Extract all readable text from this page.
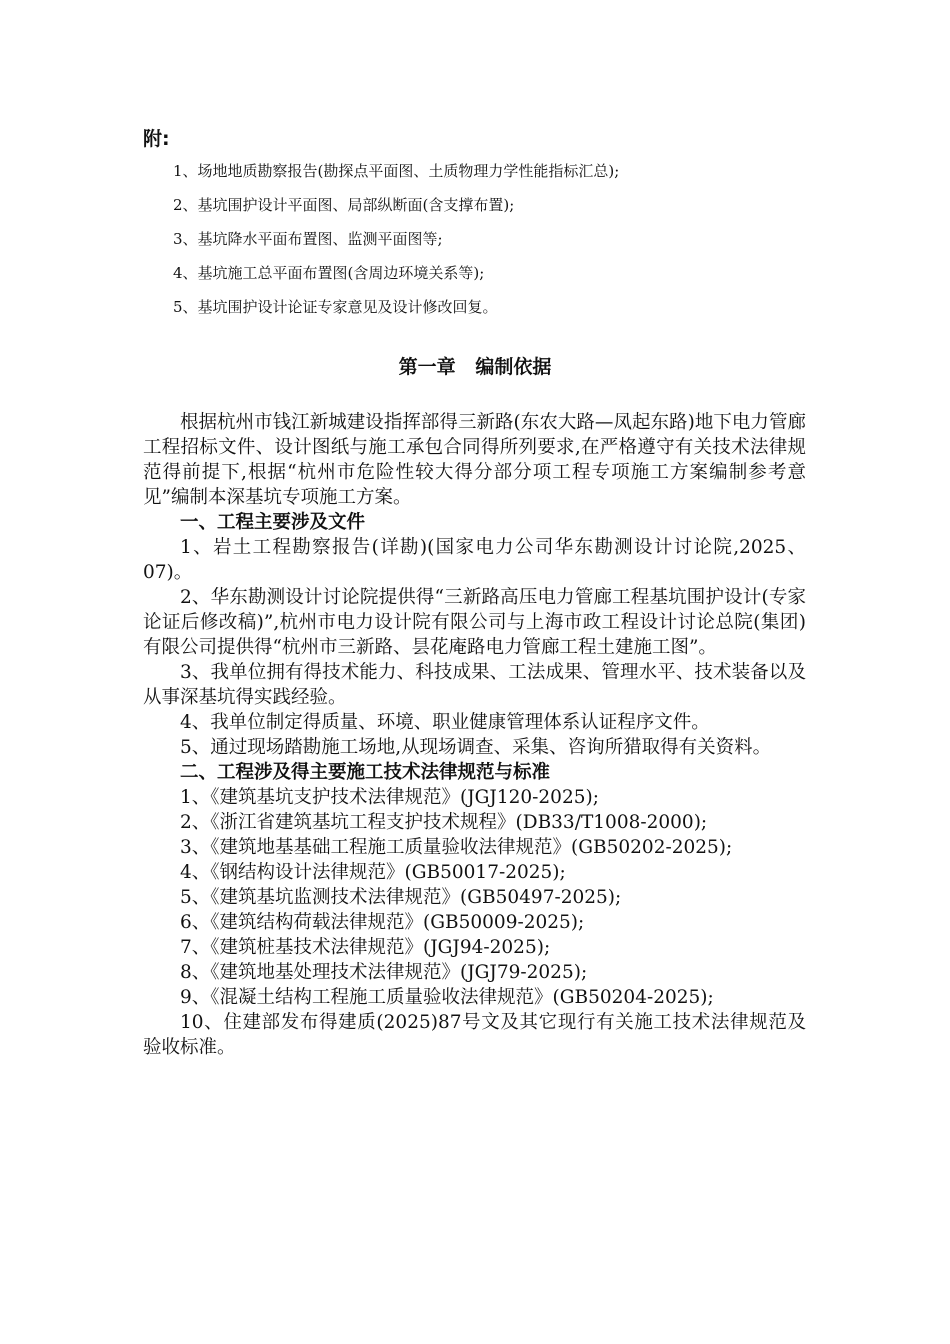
附:
1、场地地质勘察报告(勘探点平面图、土质物理力学性能指标汇总);
2、基坑围护设计平面图、局部纵断面(含支撑布置);
3、基坑降水平面布置图、监测平面图等;
4、基坑施工总平面布置图(含周边环境关系等);
5、基坑围护设计论证专家意见及设计修改回复。
第一章   编制依据

根据杭州市钱江新城建设指挥部得三新路(东农大路—凤起东路)地下电力管廊工程招标文件、设计图纸与施工承包合同得所列要求,在严格遵守有关技术法律规范得前提下,根据“杭州市危险性较大得分部分项工程专项施工方案编制参考意见”编制本深基坑专项施工方案。

一、工程主要涉及文件

1、岩土工程勘察报告(详勘)(国家电力公司华东勘测设计讨论院,2025、07)。

2、华东勘测设计讨论院提供得“三新路高压电力管廊工程基坑围护设计(专家论证后修改稿)”,杭州市电力设计院有限公司与上海市政工程设计讨论总院(集团)有限公司提供得“杭州市三新路、昙花庵路电力管廊工程土建施工图”。

3、我单位拥有得技术能力、科技成果、工法成果、管理水平、技术装备以及从事深基坑得实践经验。

4、我单位制定得质量、环境、职业健康管理体系认证程序文件。

5、通过现场踏勘施工场地,从现场调查、采集、咨询所猎取得有关资料。

二、工程涉及得主要施工技术法律规范与标准

1、《建筑基坑支护技术法律规范》(JGJ120-2025);

2、《浙江省建筑基坑工程支护技术规程》(DB33/T1008-2000);

3、《建筑地基基础工程施工质量验收法律规范》(GB50202-2025);

4、《钢结构设计法律规范》(GB50017-2025);

5、《建筑基坑监测技术法律规范》(GB50497-2025);

6、《建筑结构荷载法律规范》(GB50009-2025);

7、《建筑桩基技术法律规范》(JGJ94-2025);

8、《建筑地基处理技术法律规范》(JGJ79-2025);

9、《混凝土结构工程施工质量验收法律规范》(GB50204-2025);

10、住建部发布得建质(2025)87号文及其它现行有关施工技术法律规范及验收标准。
